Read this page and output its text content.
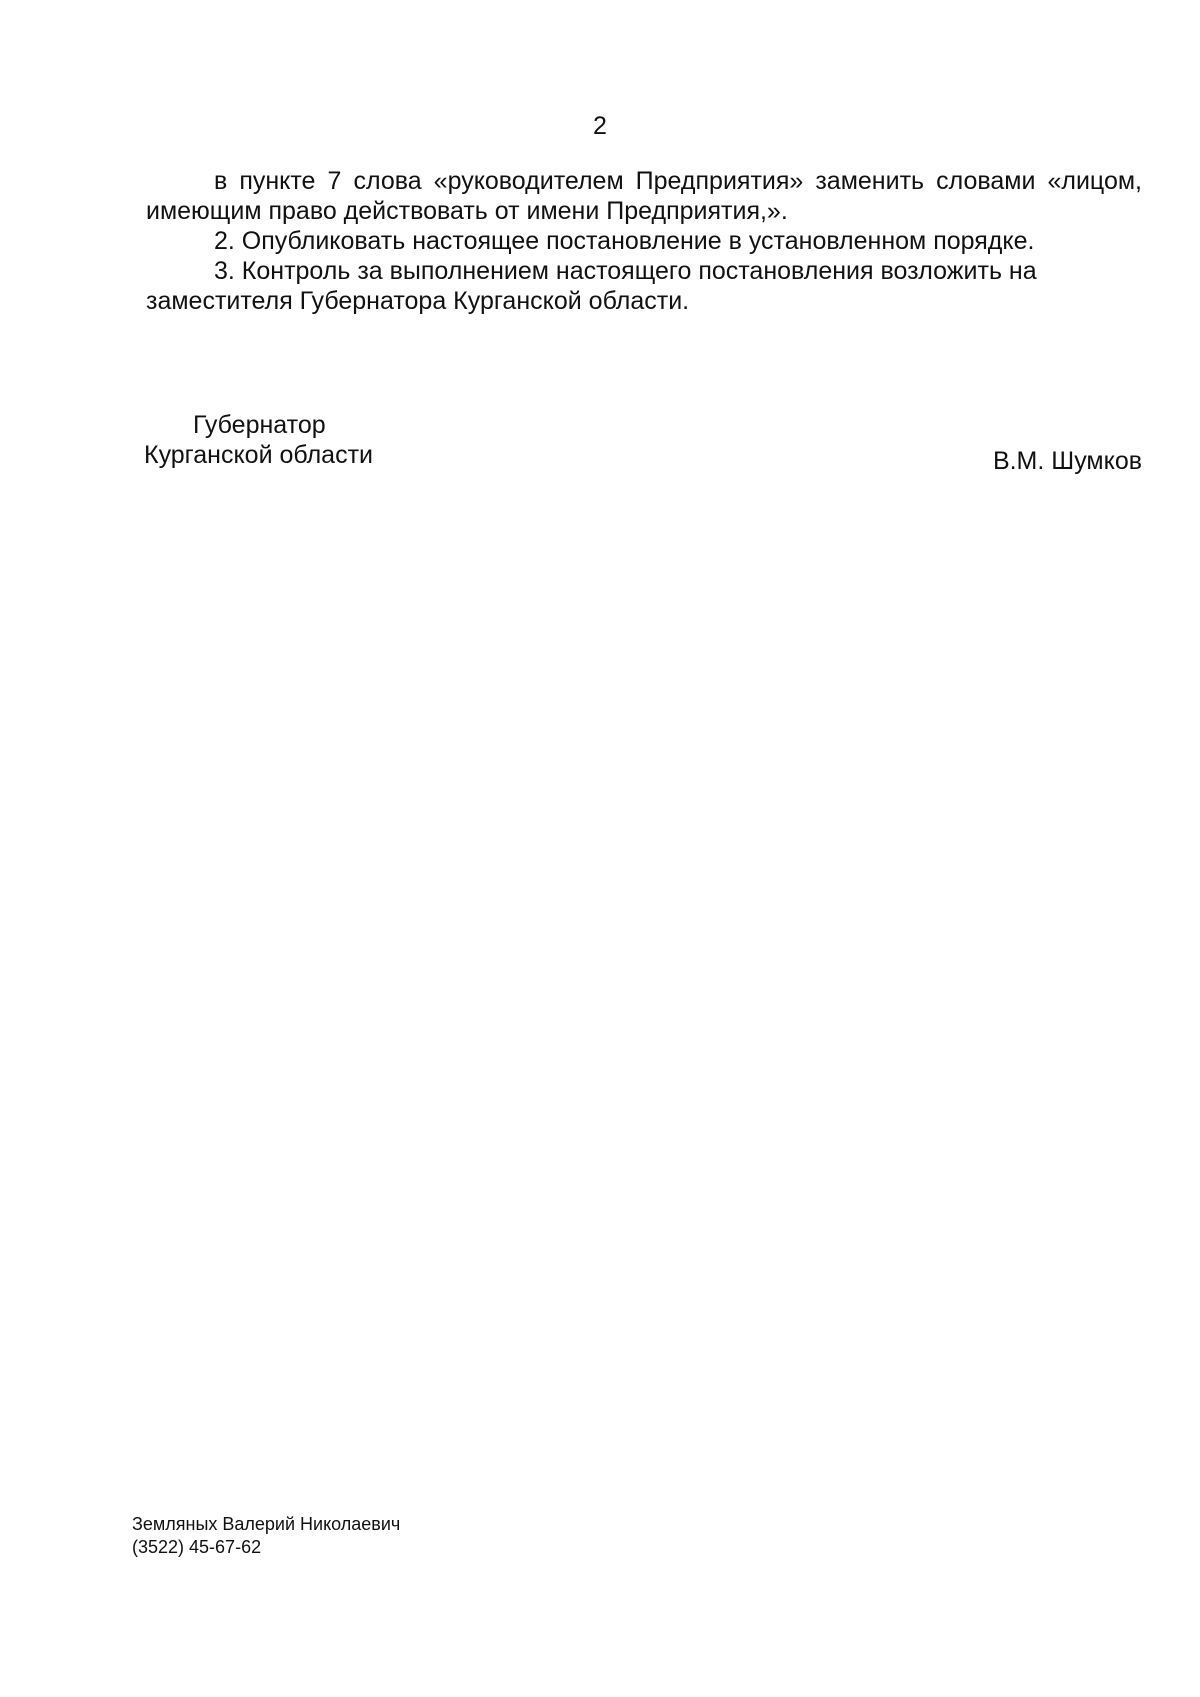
2

в пункте 7 слова «руководителем Предприятия» заменить словами «лицом, имеющим право действовать от имени Предприятия,».

2. Опубликовать настоящее постановление в установленном порядке.

3. Контроль за выполнением настоящего постановления возложить на заместителя Губернатора Курганской области.

Губернатор
Курганской области	В.М. Шумков
Земляных Валерий Николаевич
(3522) 45-67-62
